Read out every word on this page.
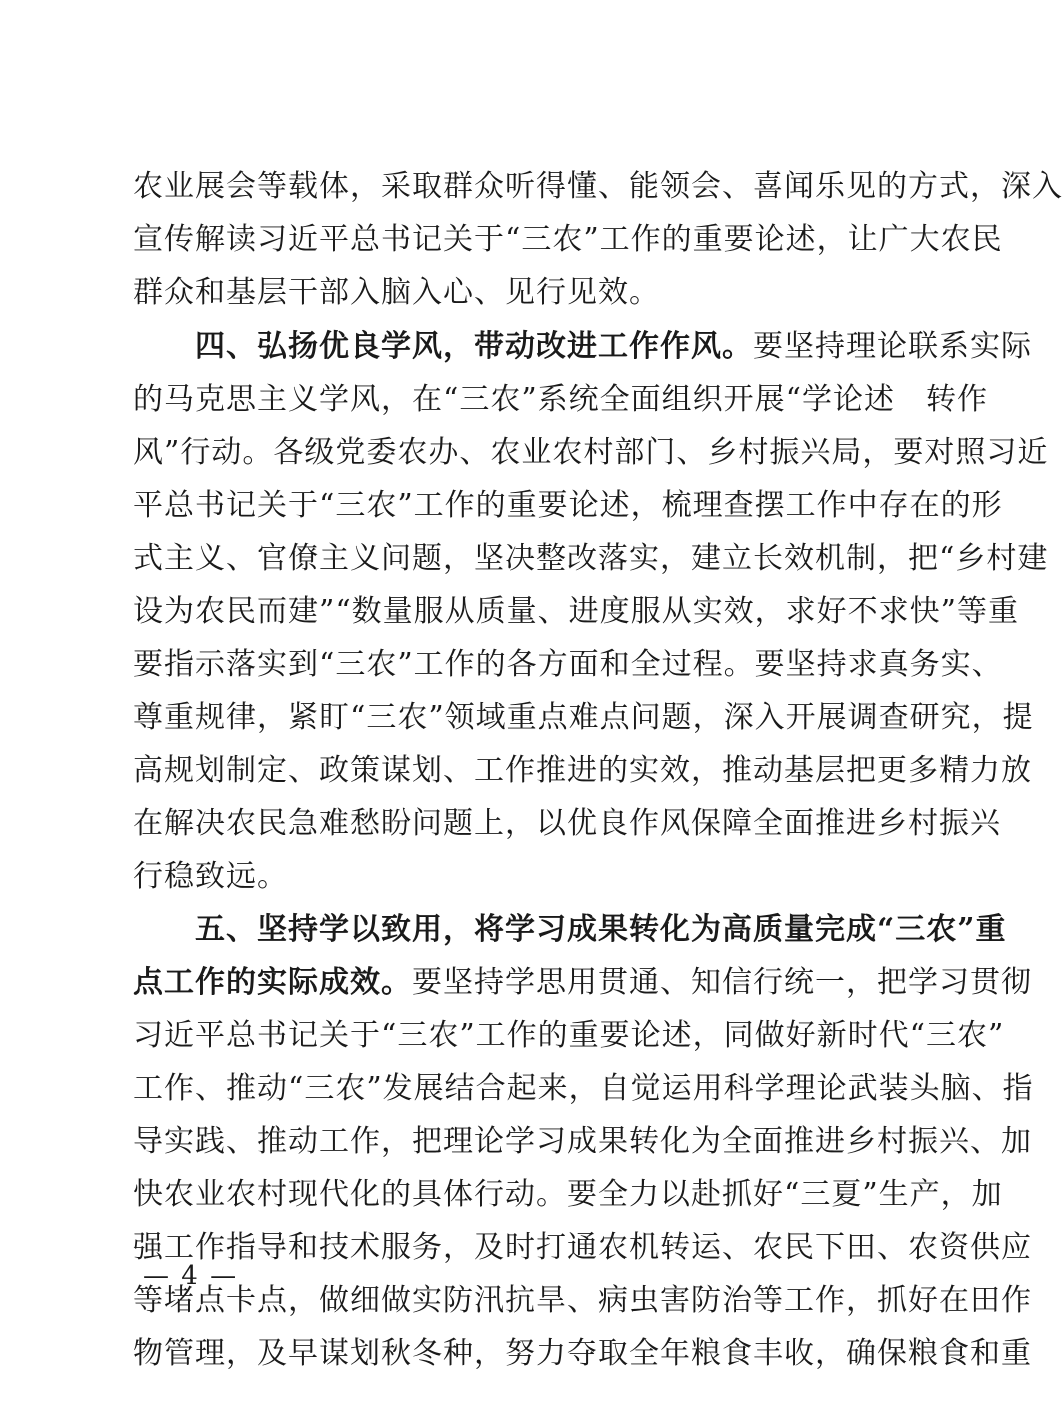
农业展会等载体，采取群众听得懂、能领会、喜闻乐见的方式，深入
宣传解读习近平总书记关于“三农”工作的重要论述，让广大农民
群众和基层干部入脑入心、见行见效。
四、弘扬优良学风，带动改进工作作风。要坚持理论联系实际
的马克思主义学风，在“三农”系统全面组织开展“学论述　转作
风”行动。各级党委农办、农业农村部门、乡村振兴局，要对照习近
平总书记关于“三农”工作的重要论述，梳理查摆工作中存在的形
式主义、官僚主义问题，坚决整改落实，建立长效机制，把“乡村建
设为农民而建”“数量服从质量、进度服从实效，求好不求快”等重
要指示落实到“三农”工作的各方面和全过程。要坚持求真务实、
尊重规律，紧盯“三农”领域重点难点问题，深入开展调查研究，提
高规划制定、政策谋划、工作推进的实效，推动基层把更多精力放
在解决农民急难愁盼问题上，以优良作风保障全面推进乡村振兴
行稳致远。
五、坚持学以致用，将学习成果转化为高质量完成“三农”重
点工作的实际成效。要坚持学思用贯通、知信行统一，把学习贯彻
习近平总书记关于“三农”工作的重要论述，同做好新时代“三农”
工作、推动“三农”发展结合起来，自觉运用科学理论武装头脑、指
导实践、推动工作，把理论学习成果转化为全面推进乡村振兴、加
快农业农村现代化的具体行动。要全力以赴抓好“三夏”生产，加
强工作指导和技术服务，及时打通农机转运、农民下田、农资供应
等堵点卡点，做细做实防汛抗旱、病虫害防治等工作，抓好在田作
物管理，及早谋划秋冬种，努力夺取全年粮食丰收，确保粮食和重
— 4 —
